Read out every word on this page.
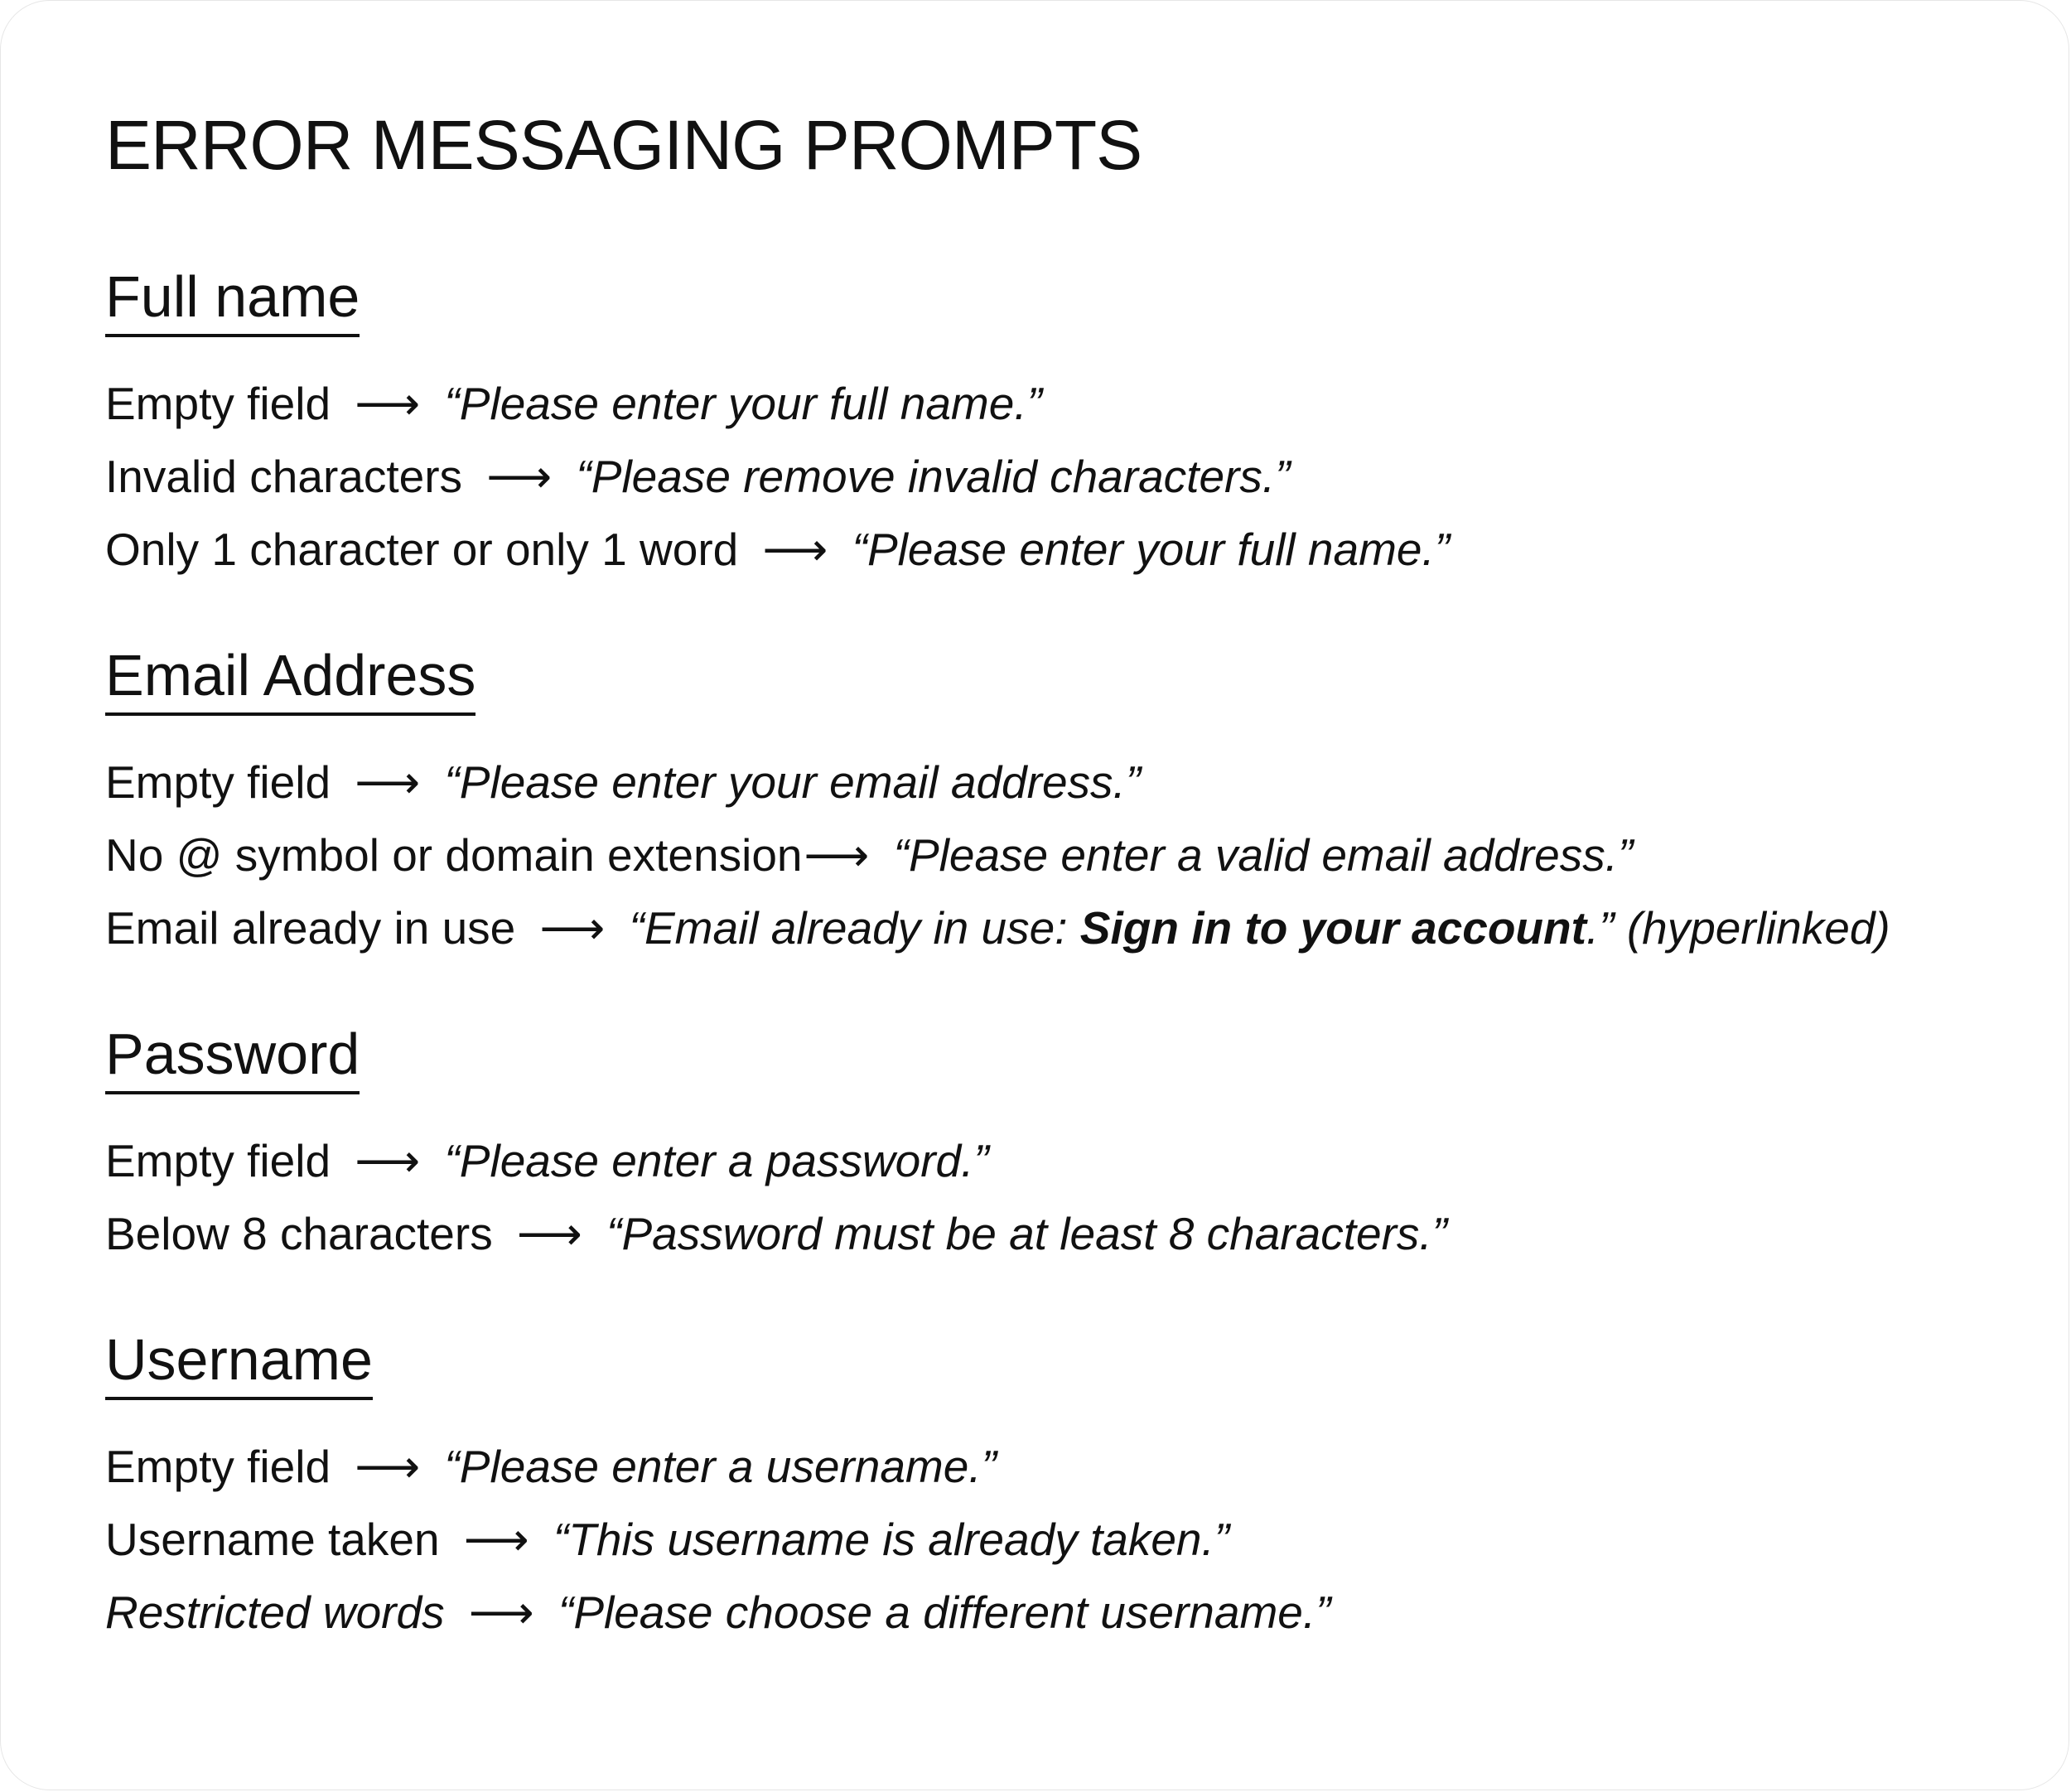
ERROR MESSAGING PROMPTS
Full name
Empty field ⟶ “Please enter your full name.”
Invalid characters ⟶ “Please remove invalid characters.”
Only 1 character or only 1 word ⟶ “Please enter your full name.”
Email Address
Empty field ⟶ “Please enter your email address.”
No @ symbol or domain extension⟶ “Please enter a valid email address.”
Email already in use ⟶ “Email already in use: Sign in to your account.” (hyperlinked)
Password
Empty field ⟶ “Please enter a password.”
Below 8 characters ⟶ “Password must be at least 8 characters.”
Username
Empty field ⟶ “Please enter a username.”
Username taken ⟶ “This username is already taken.”
Restricted words ⟶ “Please choose a different username.”
